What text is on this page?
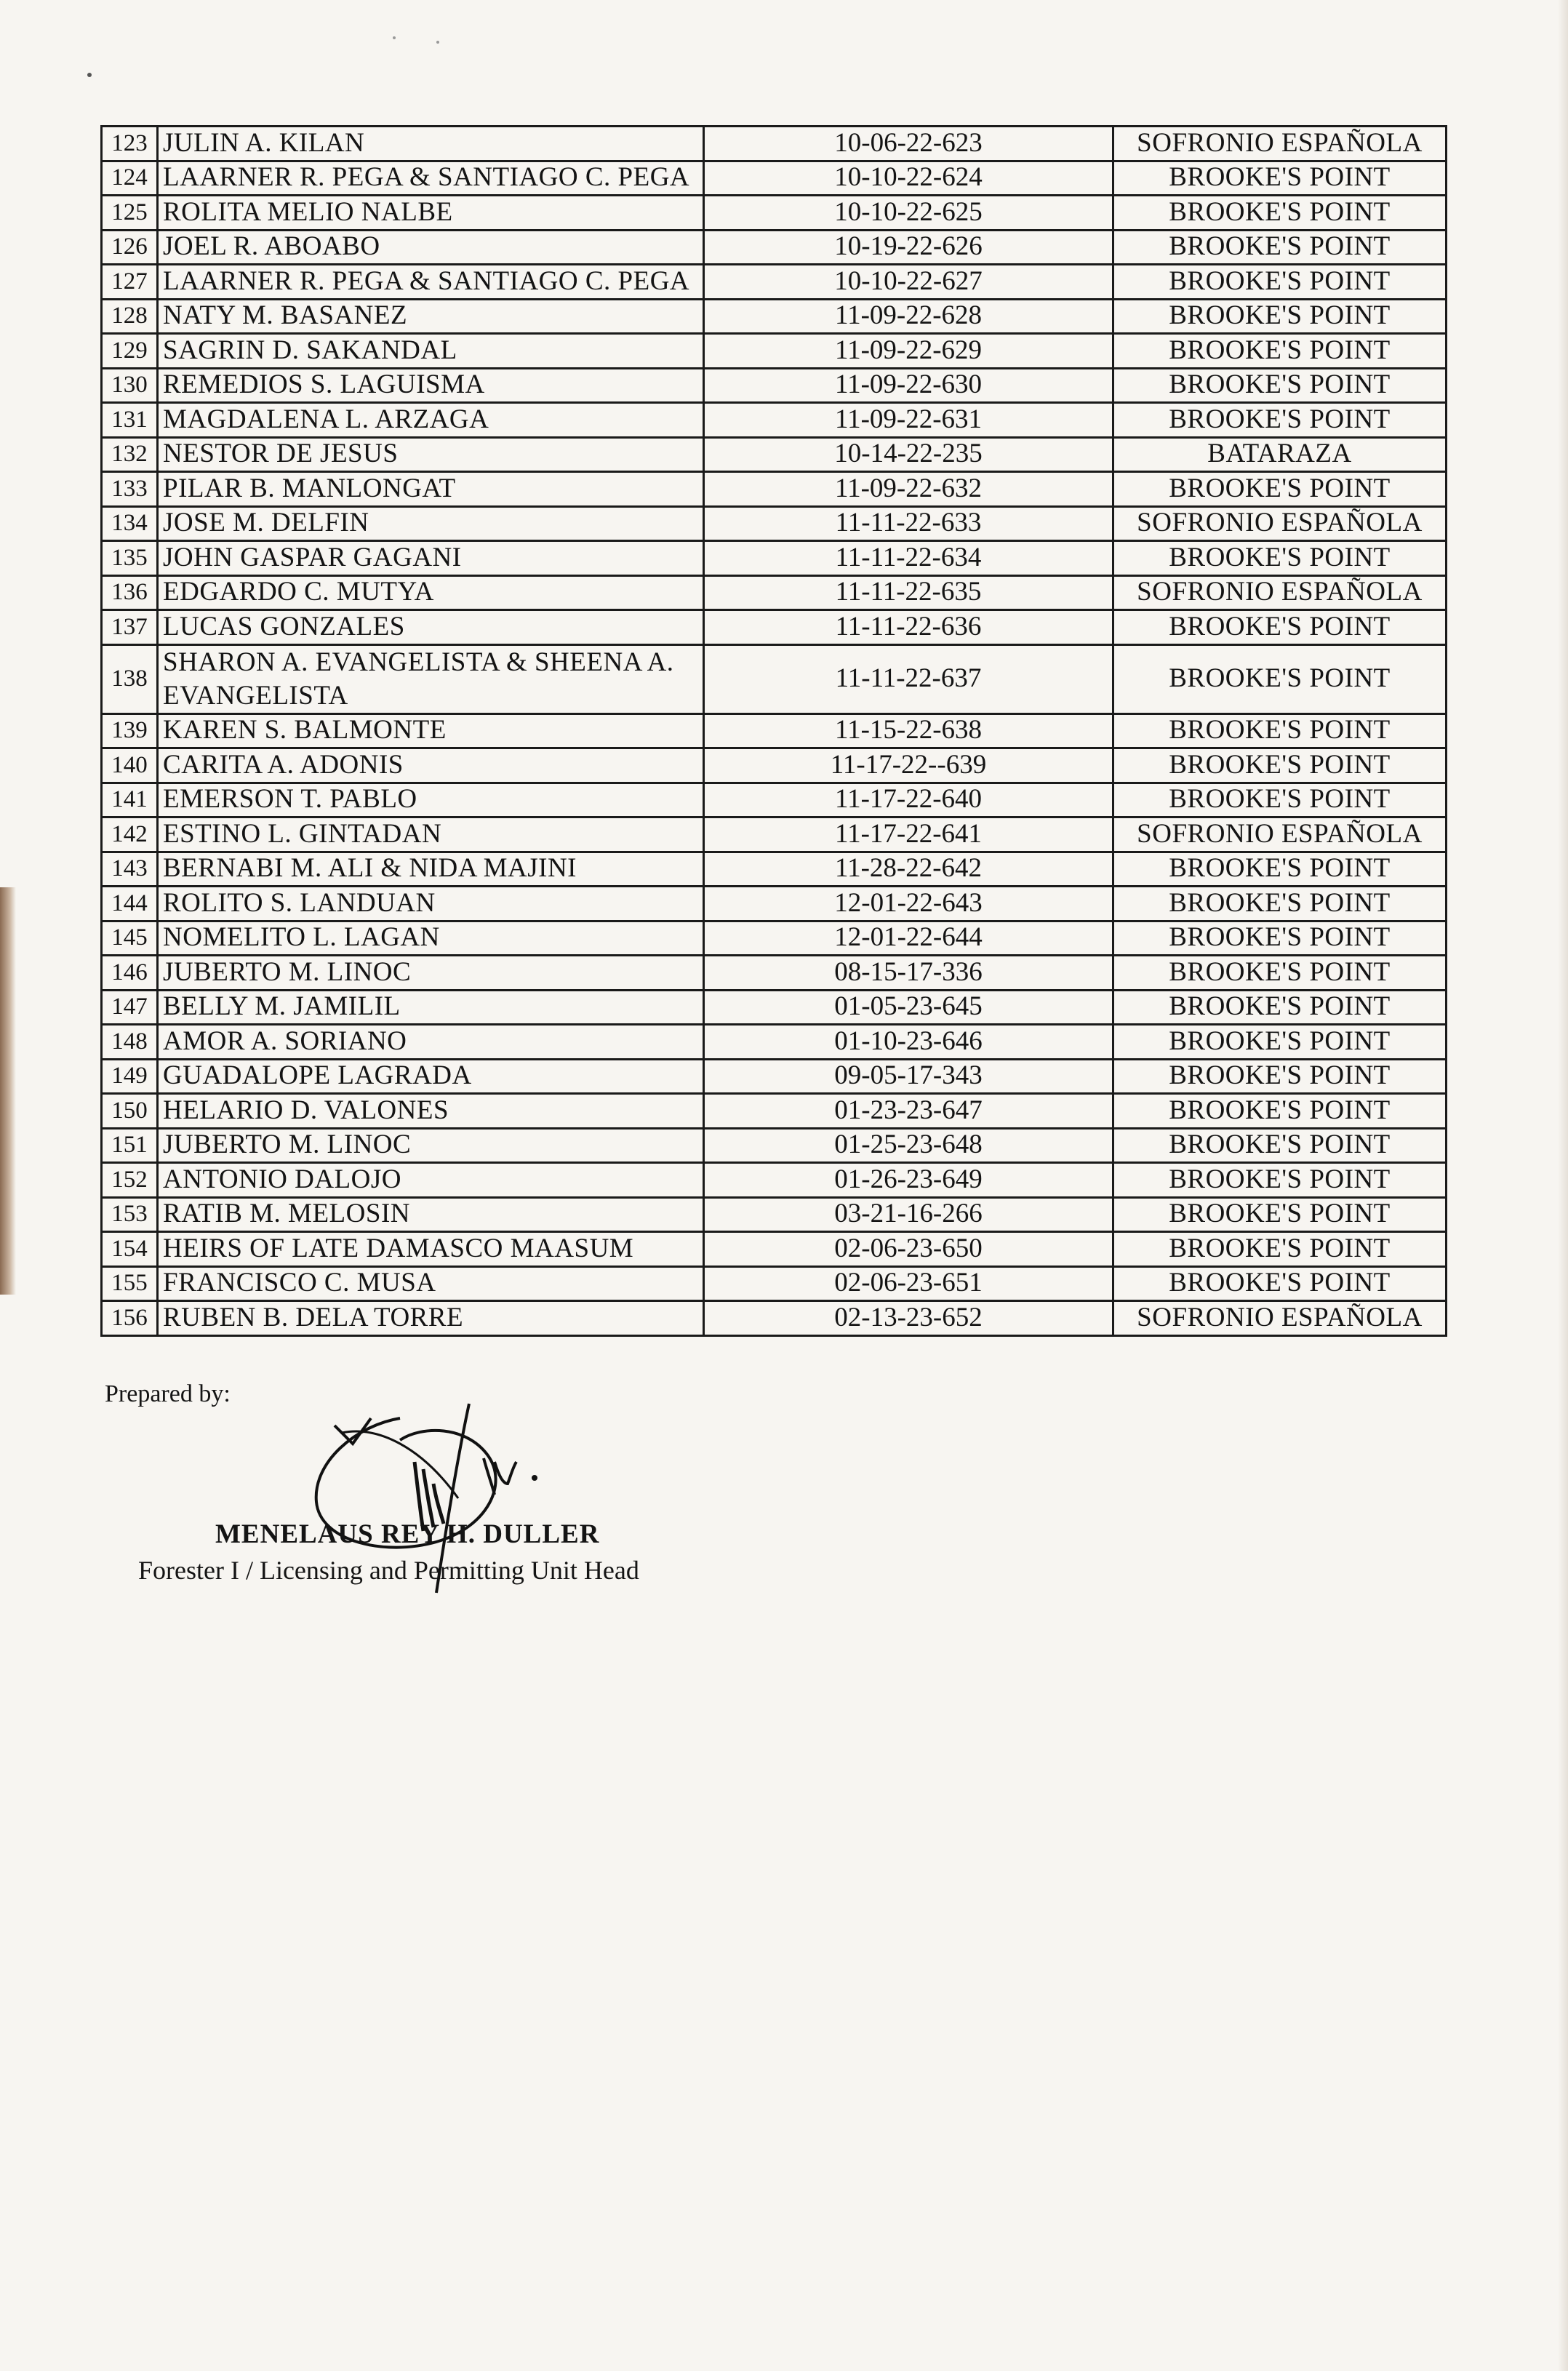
123	JULIN A. KILAN	10-06-22-623	SOFRONIO ESPAÑOLA
124	LAARNER R. PEGA & SANTIAGO C. PEGA	10-10-22-624	BROOKE'S POINT
125	ROLITA MELIO NALBE	10-10-22-625	BROOKE'S POINT
126	JOEL R. ABOABO	10-19-22-626	BROOKE'S POINT
127	LAARNER R. PEGA & SANTIAGO C. PEGA	10-10-22-627	BROOKE'S POINT
128	NATY M. BASANEZ	11-09-22-628	BROOKE'S POINT
129	SAGRIN D. SAKANDAL	11-09-22-629	BROOKE'S POINT
130	REMEDIOS S. LAGUISMA	11-09-22-630	BROOKE'S POINT
131	MAGDALENA L. ARZAGA	11-09-22-631	BROOKE'S POINT
132	NESTOR DE JESUS	10-14-22-235	BATARAZA
133	PILAR B. MANLONGAT	11-09-22-632	BROOKE'S POINT
134	JOSE M. DELFIN	11-11-22-633	SOFRONIO ESPAÑOLA
135	JOHN GASPAR GAGANI	11-11-22-634	BROOKE'S POINT
136	EDGARDO C. MUTYA	11-11-22-635	SOFRONIO ESPAÑOLA
137	LUCAS GONZALES	11-11-22-636	BROOKE'S POINT
138	SHARON A. EVANGELISTA & SHEENA A. EVANGELISTA	11-11-22-637	BROOKE'S POINT
139	KAREN S. BALMONTE	11-15-22-638	BROOKE'S POINT
140	CARITA A. ADONIS	11-17-22--639	BROOKE'S POINT
141	EMERSON T. PABLO	11-17-22-640	BROOKE'S POINT
142	ESTINO L. GINTADAN	11-17-22-641	SOFRONIO ESPAÑOLA
143	BERNABI M. ALI & NIDA MAJINI	11-28-22-642	BROOKE'S POINT
144	ROLITO S. LANDUAN	12-01-22-643	BROOKE'S POINT
145	NOMELITO L. LAGAN	12-01-22-644	BROOKE'S POINT
146	JUBERTO M. LINOC	08-15-17-336	BROOKE'S POINT
147	BELLY M. JAMILIL	01-05-23-645	BROOKE'S POINT
148	AMOR A. SORIANO	01-10-23-646	BROOKE'S POINT
149	GUADALOPE LAGRADA	09-05-17-343	BROOKE'S POINT
150	HELARIO D. VALONES	01-23-23-647	BROOKE'S POINT
151	JUBERTO M. LINOC	01-25-23-648	BROOKE'S POINT
152	ANTONIO DALOJO	01-26-23-649	BROOKE'S POINT
153	RATIB M. MELOSIN	03-21-16-266	BROOKE'S POINT
154	HEIRS OF LATE DAMASCO MAASUM	02-06-23-650	BROOKE'S POINT
155	FRANCISCO C. MUSA	02-06-23-651	BROOKE'S POINT
156	RUBEN B. DELA TORRE	02-13-23-652	SOFRONIO ESPAÑOLA
Prepared by:
MENELAUS REY H. DULLER
Forester I / Licensing and Permitting Unit Head
